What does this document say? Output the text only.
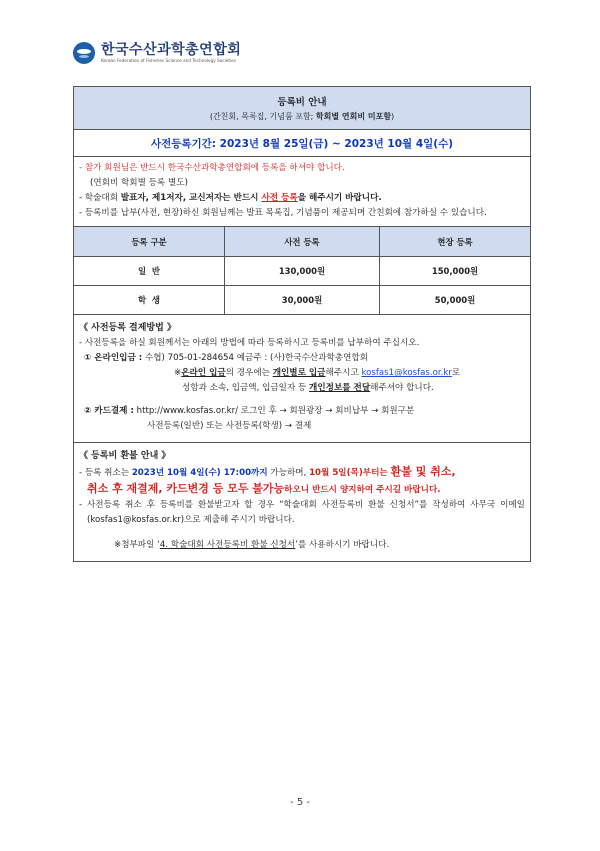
한국수산과학총연합회
Korean Federation of Fisheries Science and Technology Societies
등록비 안내
(간친회, 목록집, 기념품 포함; 학회별 연회비 미포함)
사전등록기간: 2023년 8월 25일(금) ~ 2023년 10월 4일(수)
- 참가 회원님은 반드시 한국수산과학총연합회에 등록을 하셔야 합니다.
(연회비 학회별 등록 별도)
- 학술대회 발표자, 제1저자, 교신저자는 반드시 사전 등록을 해주시기 바랍니다.
- 등록비를 납부(사전, 현장)하신 회원님께는 발표 목록집, 기념품이 제공되며 간친회에 참가하실 수 있습니다.
등록 구분	사전 등록	현장 등록
일  반	130,000원	150,000원
학  생	30,000원	50,000원
《 사전등록 결제방법 》
- 사전등록을 하실 회원께서는 아래의 방법에 따라 등록하시고 등록비를 납부하여 주십시오.
① 온라인입금 : 수협) 705-01-284654 예금주 : (사)한국수산과학총연합회
※온라인 입금의 경우에는 개인별로 입금해주시고 kosfas1@kosfas.or.kr로
성함과 소속, 입금액, 입금일자 등 개인정보를 전달해주셔야 합니다.
② 카드결제 : http://www.kosfas.or.kr/ 로그인 후 → 회원광장 → 회비납부 → 회원구분
사전등록(일반) 또는 사전등록(학생) → 결제
《 등록비 환불 안내 》
- 등록 취소는 2023년 10월 4일(수) 17:00까지 가능하며, 10월 5일(목)부터는 환불 및 취소,
취소 후 재결제, 카드변경 등 모두 불가능하오니 반드시 양지하여 주시길 바랍니다.
- 사전등록 취소 후 등록비를 환불받고자 할 경우 “학술대회 사전등록비 환불 신청서”를 작성하여 사무국 이메일(kosfas1@kosfas.or.kr)으로 제출해 주시기 바랍니다.
※첨부파일 ‘4. 학술대회 사전등록비 환불 신청서’를 사용하시기 바랍니다.
- 5 -
